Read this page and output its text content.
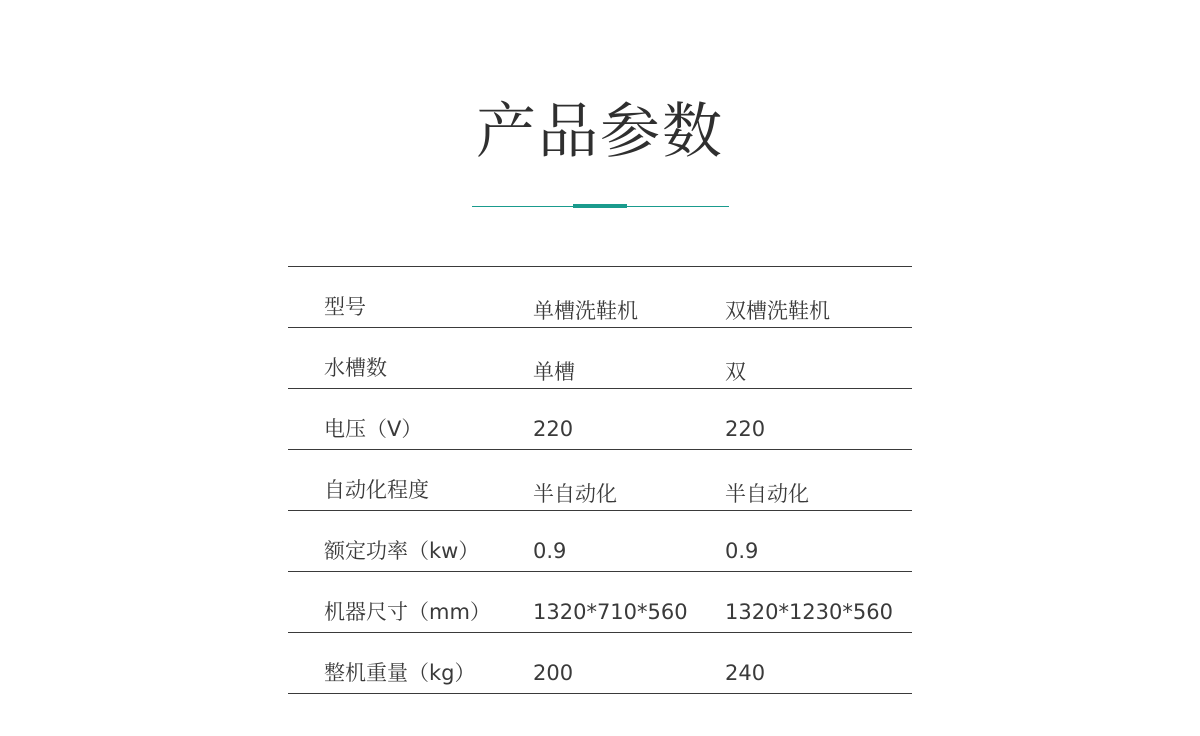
产品参数
型号	单槽洗鞋机	双槽洗鞋机
水槽数	单槽	双
电压（V）	220	220
自动化程度	半自动化	半自动化
额定功率（kw）	0.9	0.9
机器尺寸（mm） 1320*710*560 1320*1230*560
整机重量（kg）	200	240
